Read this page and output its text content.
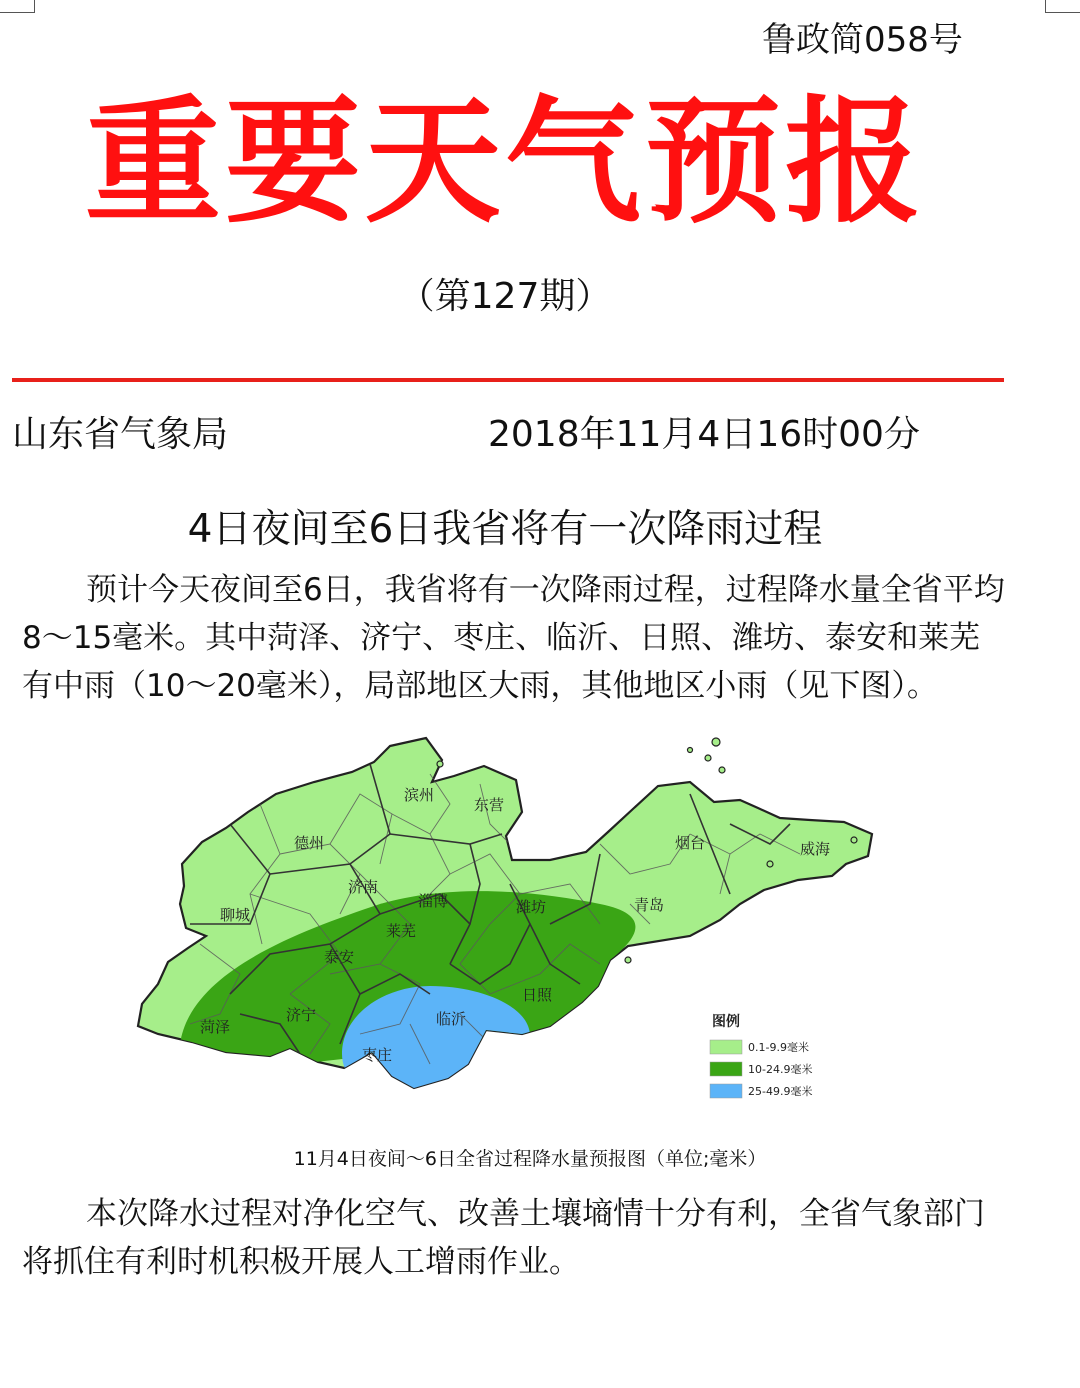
鲁政简058号
重要天气预报
（第127期）
山东省气象局	2018年11月4日16时00分
4日夜间至6日我省将有一次降雨过程

预计今天夜间至6日，我省将有一次降雨过程，过程降水量全省平均8～15毫米。其中菏泽、济宁、枣庄、临沂、日照、潍坊、泰安和莱芜有中雨（10～20毫米），局部地区大雨，其他地区小雨（见下图）。

滨州
东营
德州	烟台	威海
济南
淄博	潍坊	青岛
聊城
莱芜
泰安
日照
临沂
菏泽
济宁
枣庄
图例
0.1-9.9毫米
10-24.9毫米
25-49.9毫米
11月4日夜间～6日全省过程降水量预报图（单位;毫米）

本次降水过程对净化空气、改善土壤墒情十分有利，全省气象部门将抓住有利时机积极开展人工增雨作业。
